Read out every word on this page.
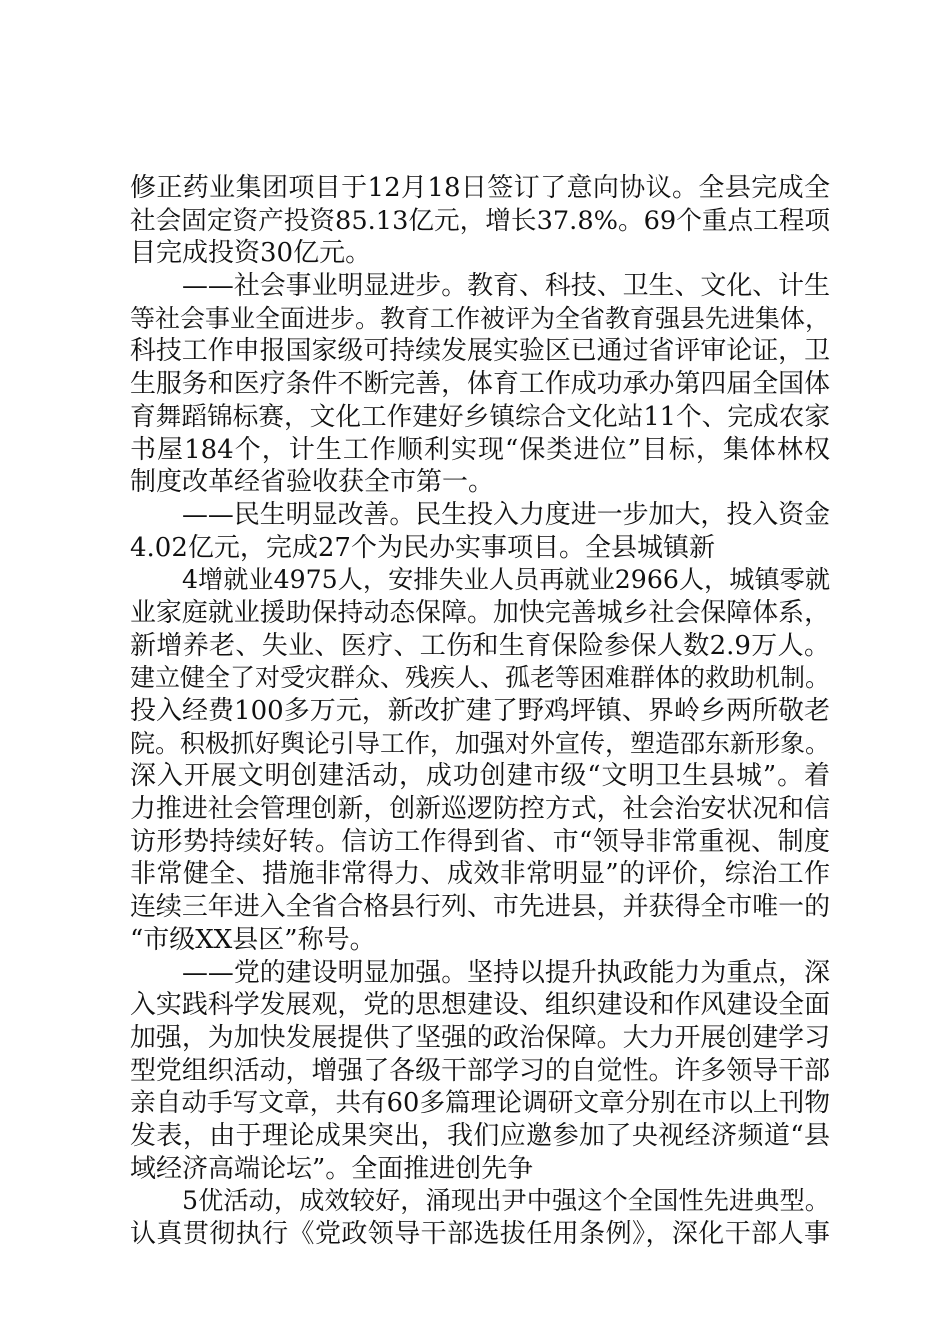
修正药业集团项目于12月18日签订了意向协议。全县完成全
社会固定资产投资85.13亿元，增长37.8%。69个重点工程项
目完成投资30亿元。
——社会事业明显进步。教育、科技、卫生、文化、计生
等社会事业全面进步。教育工作被评为全省教育强县先进集体，
科技工作申报国家级可持续发展实验区已通过省评审论证，卫
生服务和医疗条件不断完善，体育工作成功承办第四届全国体
育舞蹈锦标赛，文化工作建好乡镇综合文化站11个、完成农家
书屋184个，计生工作顺利实现“保类进位”目标，集体林权
制度改革经省验收获全市第一。
——民生明显改善。民生投入力度进一步加大，投入资金
4.02亿元，完成27个为民办实事项目。全县城镇新
4增就业4975人，安排失业人员再就业2966人，城镇零就
业家庭就业援助保持动态保障。加快完善城乡社会保障体系，
新增养老、失业、医疗、工伤和生育保险参保人数2.9万人。
建立健全了对受灾群众、残疾人、孤老等困难群体的救助机制。
投入经费100多万元，新改扩建了野鸡坪镇、界岭乡两所敬老
院。积极抓好舆论引导工作，加强对外宣传，塑造邵东新形象。
深入开展文明创建活动，成功创建市级“文明卫生县城”。着
力推进社会管理创新，创新巡逻防控方式，社会治安状况和信
访形势持续好转。信访工作得到省、市“领导非常重视、制度
非常健全、措施非常得力、成效非常明显”的评价，综治工作
连续三年进入全省合格县行列、市先进县，并获得全市唯一的
“市级XX县区”称号。
——党的建设明显加强。坚持以提升执政能力为重点，深
入实践科学发展观，党的思想建设、组织建设和作风建设全面
加强，为加快发展提供了坚强的政治保障。大力开展创建学习
型党组织活动，增强了各级干部学习的自觉性。许多领导干部
亲自动手写文章，共有60多篇理论调研文章分别在市以上刊物
发表，由于理论成果突出，我们应邀参加了央视经济频道“县
域经济高端论坛”。全面推进创先争
5优活动，成效较好，涌现出尹中强这个全国性先进典型。
认真贯彻执行《党政领导干部选拔任用条例》，深化干部人事
